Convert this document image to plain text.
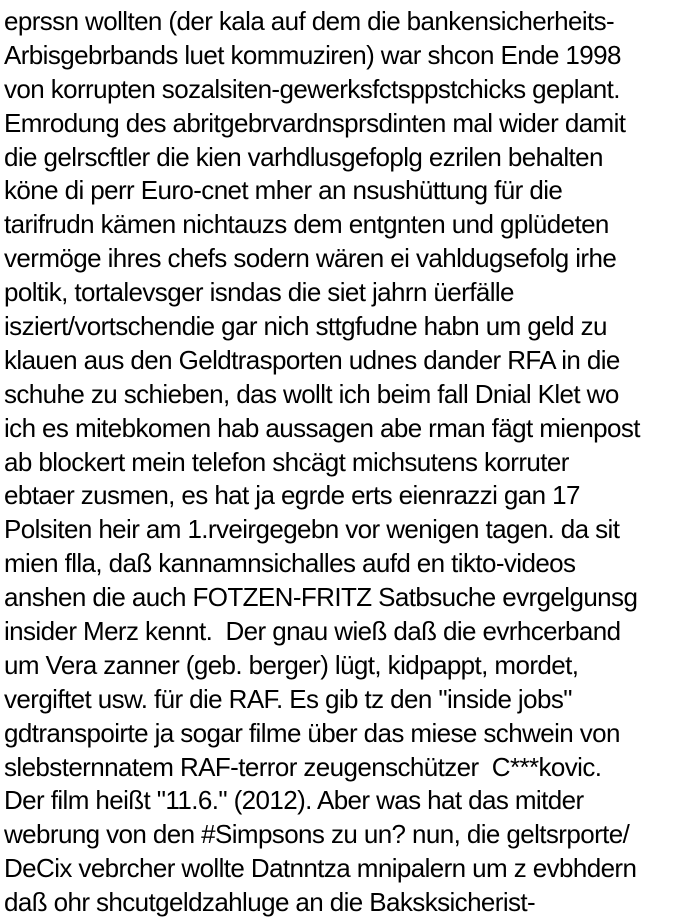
eprssn wollten (der kala auf dem die bankensicherheits-
Arbisgebrbands luet kommuziren) war shcon Ende 1998
von korrupten sozalsiten-gewerksfctsppstchicks geplant.
Emrodung des abritgebrvardnsprsdinten mal wider damit
die gelrscftler die kien varhdlusgefoplg ezrilen behalten
köne di perr Euro-cnet mher an nsushüttung für die
tarifrudn kämen nichtauzs dem entgnten und gplüdeten
vermöge ihres chefs sodern wären ei vahldugsefolg irhe
poltik, tortalevsger isndas die siet jahrn üerfälle
isziert/vortschendie gar nich sttgfudne habn um geld zu
klauen aus den Geldtrasporten udnes dander RFA in die
schuhe zu schieben, das wollt ich beim fall Dnial Klet wo
ich es mitebkomen hab aussagen abe rman fägt mienpost
ab blockert mein telefon shcägt michsutens korruter
ebtaer zusmen, es hat ja egrde erts eienrazzi gan 17
Polsiten heir am 1.rveirgegebn vor wenigen tagen. da sit
mien flla, daß kannamnsichalles aufd en tikto-videos
anshen die auch FOTZEN-FRITZ Satbsuche evrgelgunsg
insider Merz kennt.  Der gnau wieß daß die evrhcerband
um Vera zanner (geb. berger) lügt, kidpappt, mordet,
vergiftet usw. für die RAF. Es gib tz den "inside jobs"
gdtranspoirte ja sogar filme über das miese schwein von
slebsternnatem RAF-terror zeugenschützer  C***kovic.
Der film heißt "11.6." (2012). Aber was hat das mitder
webrung von den #Simpsons zu un? nun, die geltsrporte/
DeCix vebrcher wollte Datnntza mnipalern um z evbhdern
daß ohr shcutgeldzahluge an die Baksksicherist-
